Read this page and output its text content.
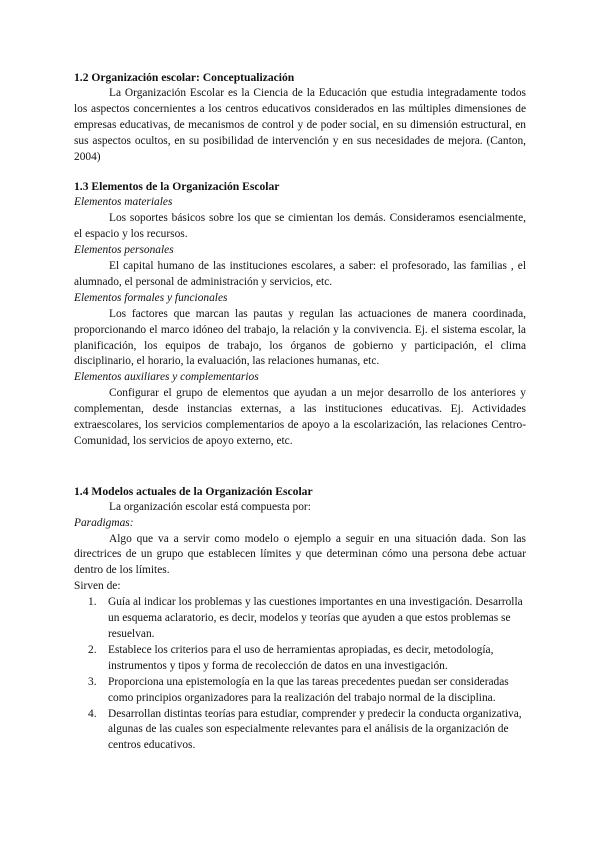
1.2 Organización escolar: Conceptualización

La Organización Escolar es la Ciencia de la Educación que estudia integradamente todos los aspectos concernientes a los centros educativos considerados en las múltiples dimensiones de empresas educativas, de mecanismos de control y de poder social, en su dimensión estructural, en sus aspectos ocultos, en su posibilidad de intervención y en sus necesidades de mejora. (Canton, 2004)

1.3 Elementos de la Organización Escolar

Elementos materiales

Los soportes básicos sobre los que se cimientan los demás. Consideramos esencialmente, el espacio y los recursos.

Elementos personales

El capital humano de las instituciones escolares, a saber: el profesorado, las familias , el alumnado, el personal de administración y servicios, etc.

Elementos formales y funcionales

Los factores que marcan las pautas y regulan las actuaciones de manera coordinada, proporcionando el marco idóneo del trabajo, la relación y la convivencia. Ej. el sistema escolar, la planificación, los equipos de trabajo, los órganos de gobierno y participación, el clima disciplinario, el horario, la evaluación, las relaciones humanas, etc.

Elementos auxiliares y complementarios

Configurar el grupo de elementos que ayudan a un mejor desarrollo de los anteriores y complementan, desde instancias externas, a las instituciones educativas. Ej. Actividades extraescolares, los servicios complementarios de apoyo a la escolarización, las relaciones Centro-Comunidad, los servicios de apoyo externo, etc.

1.4 Modelos actuales de la Organización Escolar

La organización escolar está compuesta por:

Paradigmas:

Algo que va a servir como modelo o ejemplo a seguir en una situación dada. Son las directrices de un grupo que establecen límites y que determinan cómo una persona debe actuar dentro de los límites.

Sirven de:

1. Guía al indicar los problemas y las cuestiones importantes en una investigación. Desarrolla un esquema aclaratorio, es decir, modelos y teorías que ayuden a que estos problemas se resuelvan.
2. Establece los criterios para el uso de herramientas apropiadas, es decir, metodología, instrumentos y tipos y forma de recolección de datos en una investigación.
3. Proporciona una epistemología en la que las tareas precedentes puedan ser consideradas como principios organizadores para la realización del trabajo normal de la disciplina.
4. Desarrollan distintas teorías para estudiar, comprender y predecir la conducta organizativa, algunas de las cuales son especialmente relevantes para el análisis de la organización de centros educativos.
